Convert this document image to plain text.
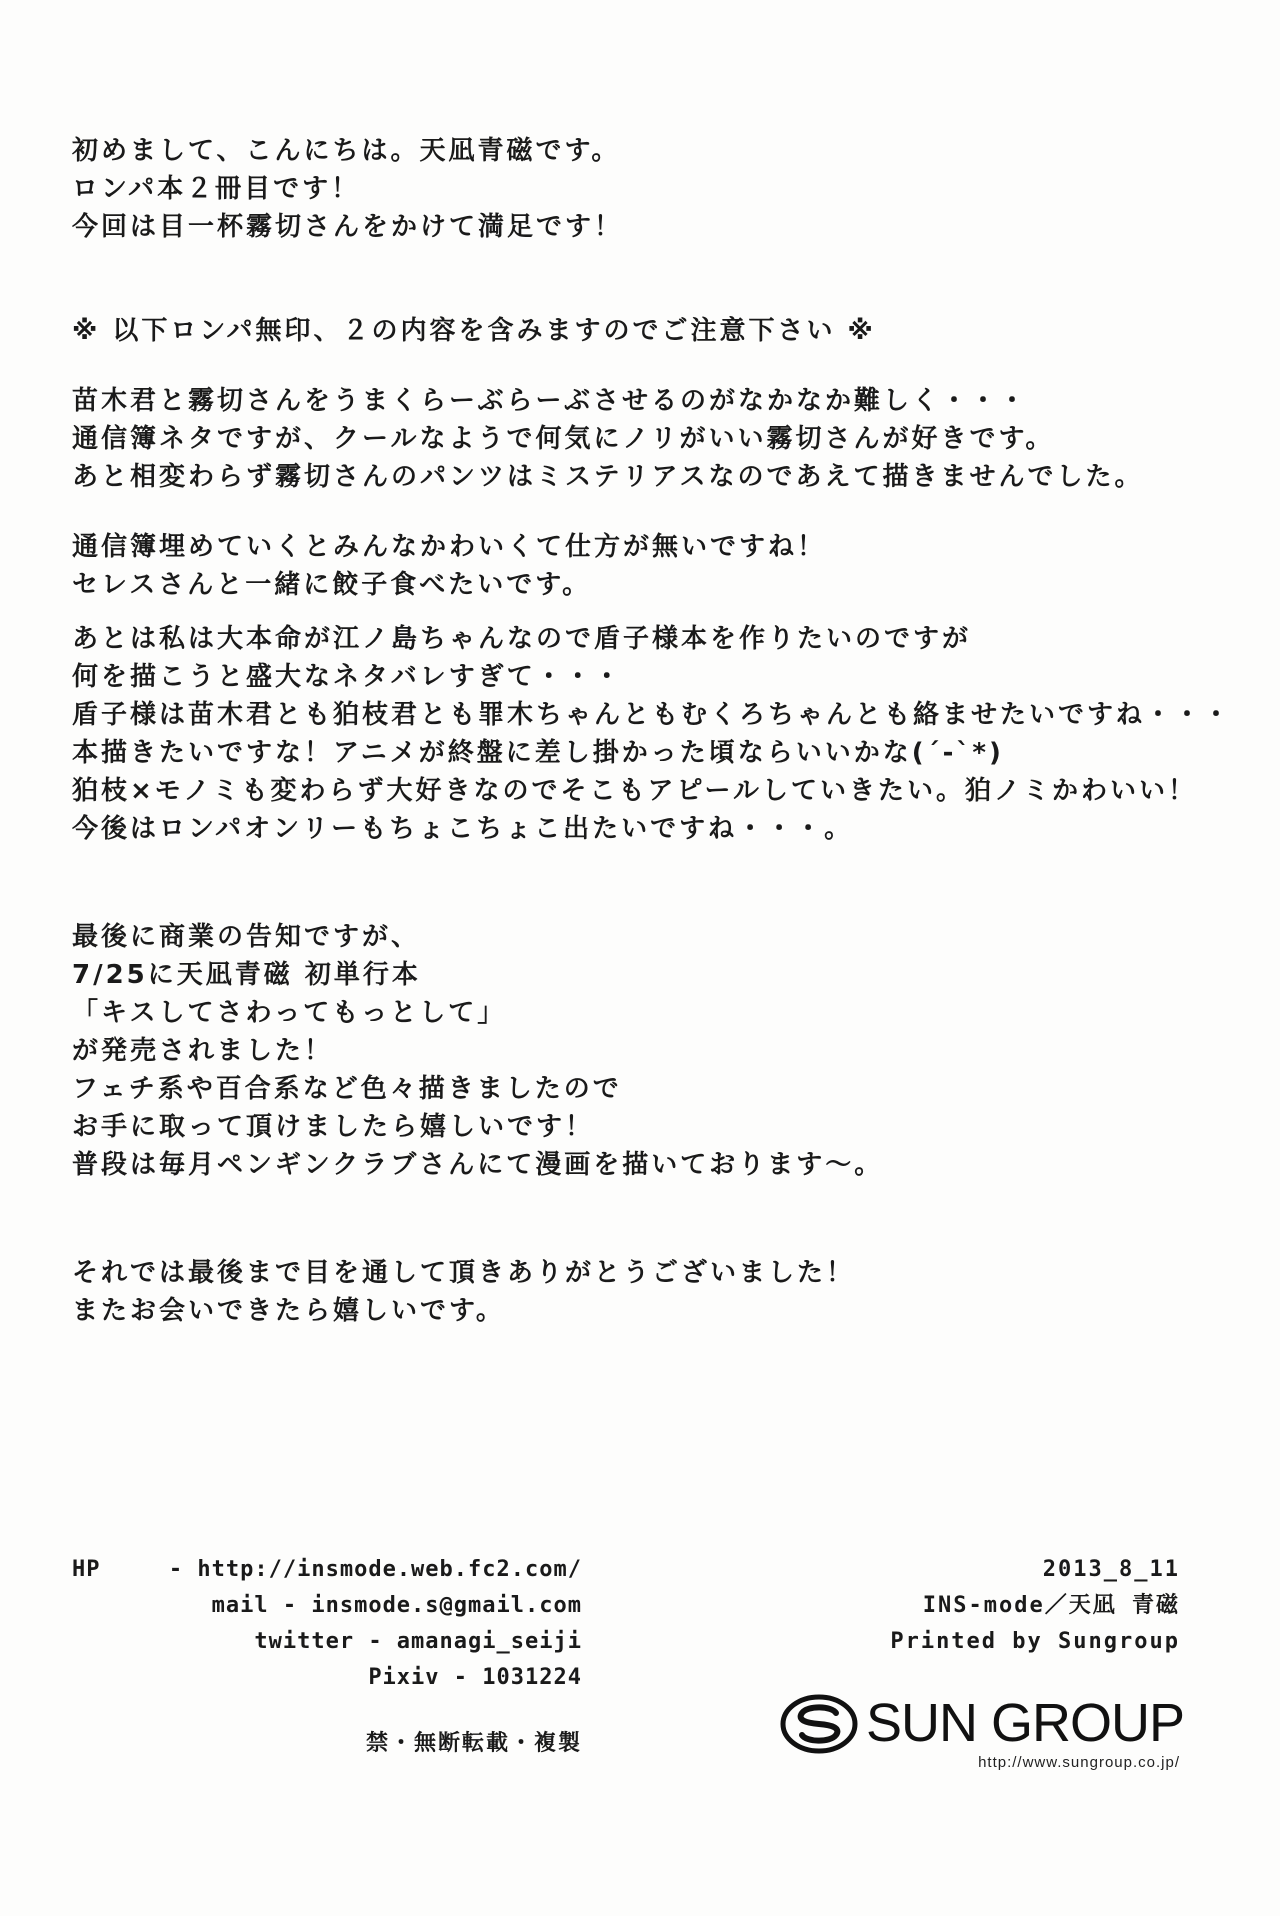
初めまして、こんにちは。天凪青磁です。
ロンパ本２冊目です！
今回は目一杯霧切さんをかけて満足です！

※ 以下ロンパ無印、２の内容を含みますのでご注意下さい ※

苗木君と霧切さんをうまくらーぶらーぶさせるのがなかなか難しく・・・
通信簿ネタですが、クールなようで何気にノリがいい霧切さんが好きです。
あと相変わらず霧切さんのパンツはミステリアスなのであえて描きませんでした。

通信簿埋めていくとみんなかわいくて仕方が無いですね！
セレスさんと一緒に餃子食べたいです。

あとは私は大本命が江ノ島ちゃんなので盾子様本を作りたいのですが
何を描こうと盛大なネタバレすぎて・・・
盾子様は苗木君とも狛枝君とも罪木ちゃんともむくろちゃんとも絡ませたいですね・・・
本描きたいですな！アニメが終盤に差し掛かった頃ならいいかな(´-`*)
狛枝×モノミも変わらず大好きなのでそこもアピールしていきたい。狛ノミかわいい！
今後はロンパオンリーもちょこちょこ出たいですね・・・。

最後に商業の告知ですが、
7/25に天凪青磁 初単行本
「キスしてさわってもっとして」
が発売されました！
フェチ系や百合系など色々描きましたので
お手に取って頂けましたら嬉しいです！
普段は毎月ペンギンクラブさんにて漫画を描いております〜。

それでは最後まで目を通して頂きありがとうございました！
またお会いできたら嬉しいです。

HP	- http://insmode.web.fc2.com/
mail - insmode.s@gmail.com
twitter - amanagi_seiji
Pixiv - 1031224
禁・無断転載・複製
2013_8_11
INS-mode／天凪 青磁
Printed by Sungroup
SUN GROUP
http://www.sungroup.co.jp/
